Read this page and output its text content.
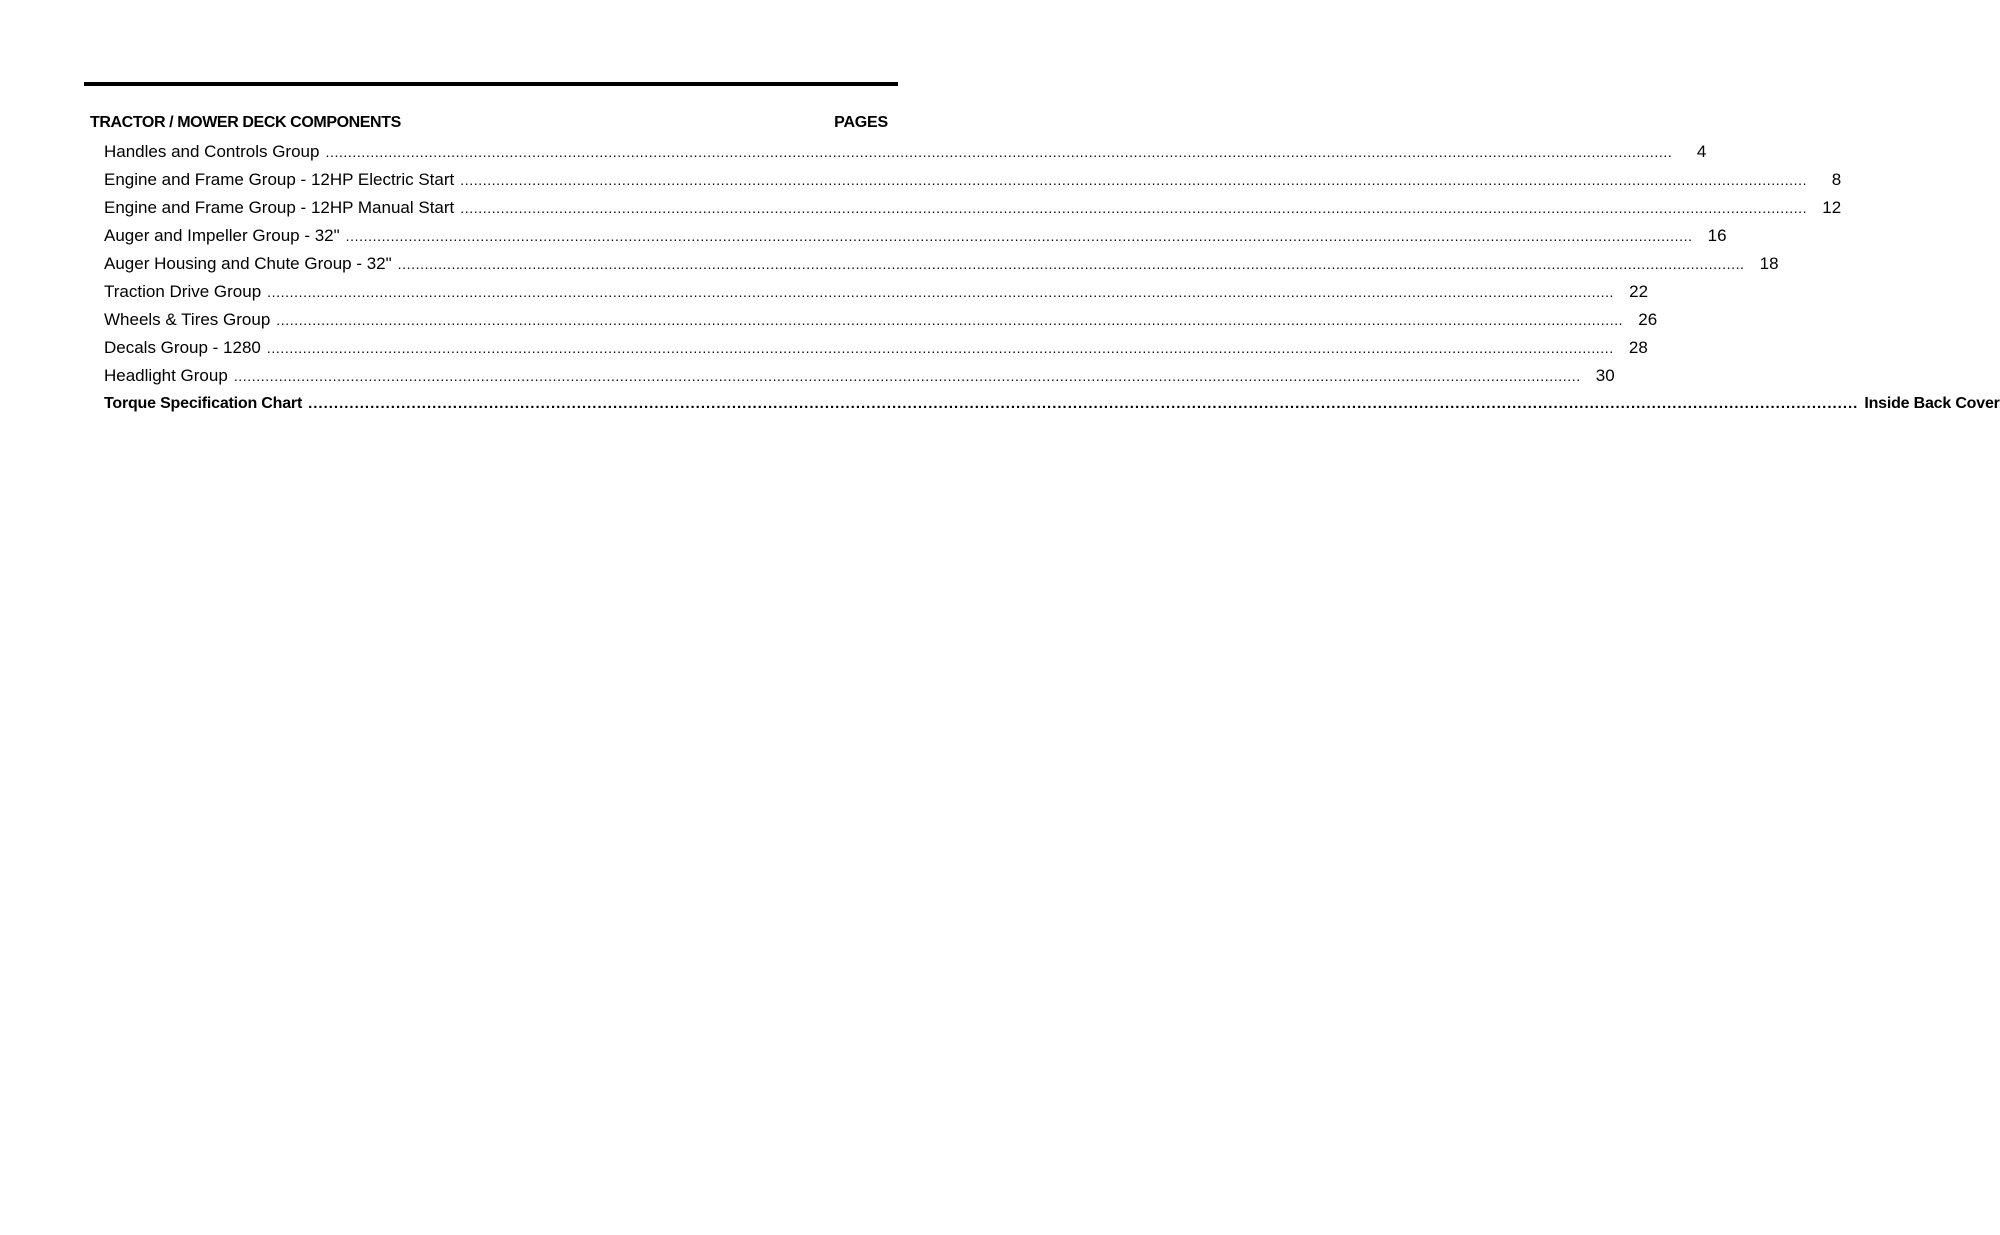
TRACTOR / MOWER DECK COMPONENTS	PAGES
Handles and Controls Group ............................................................................................................................................................................................................................................................................................................	4
Engine and Frame Group - 12HP Electric Start ............................................................................................................................................................................................................................................................................................................	8
Engine and Frame Group - 12HP Manual Start ............................................................................................................................................................................................................................................................................................................ 12
Auger and Impeller Group - 32" ............................................................................................................................................................................................................................................................................................................ 16
Auger Housing and Chute Group - 32" ............................................................................................................................................................................................................................................................................................................ 18
Traction Drive Group ............................................................................................................................................................................................................................................................................................................ 22
Wheels & Tires Group ............................................................................................................................................................................................................................................................................................................ 26
Decals Group - 1280 ............................................................................................................................................................................................................................................................................................................ 28
Headlight Group ............................................................................................................................................................................................................................................................................................................ 30
Torque Specification Chart ............................................................................................................................................................................................................................................................................................................ Inside Back Cover
